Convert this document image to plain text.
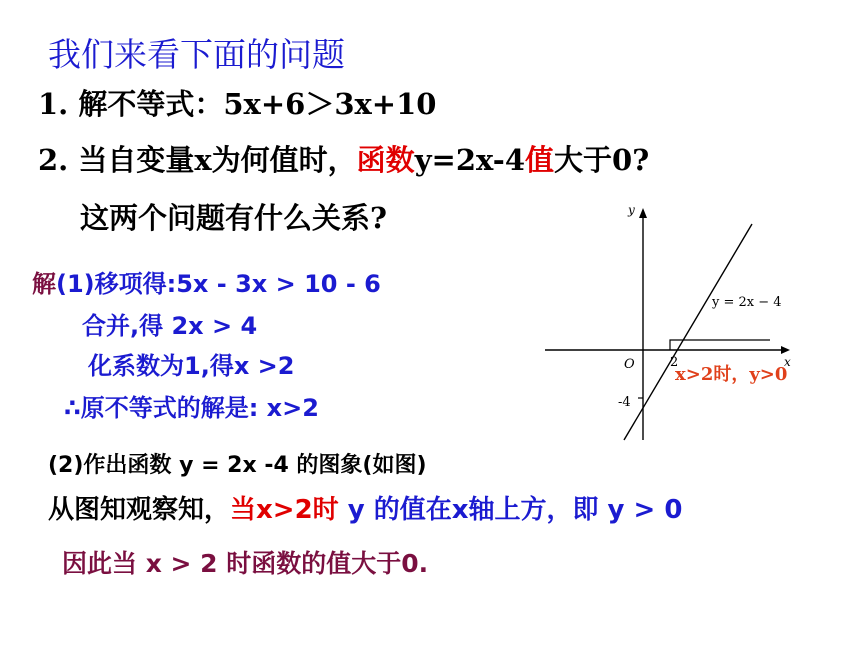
我们来看下面的问题
1. 解不等式：5x+6＞3x+10
2. 当自变量x为何值时，函数y=2x-4值大于0?
这两个问题有什么关系?
解(1)移项得:5x - 3x > 10 - 6
合并,得 2x > 4
化系数为1,得x >2
∴原不等式的解是: x>2
(2)作出函数 y = 2x -4 的图象(如图)
从图知观察知，当x>2时 y 的值在x轴上方，即 y > 0
因此当 x > 2 时函数的值大于0.
y
x
O	2
-4
y = 2x − 4
x>2时，y>0
